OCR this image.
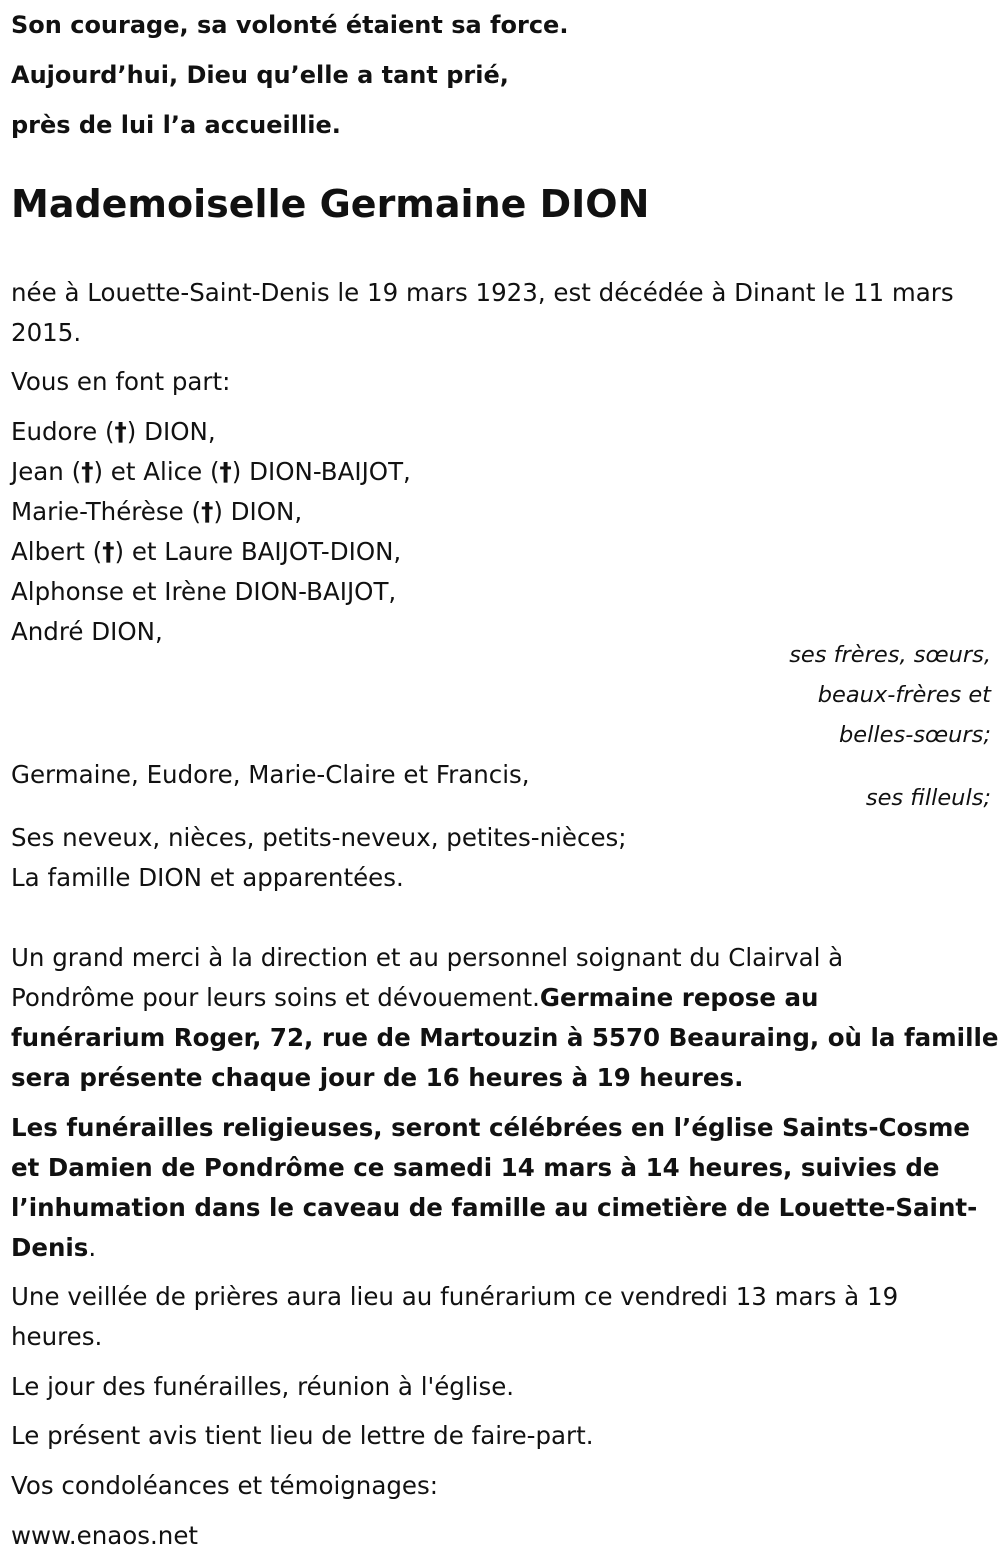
Son courage, sa volonté étaient sa force.

Aujourd’hui, Dieu qu’elle a tant prié,

près de lui l’a accueillie.

Mademoiselle Germaine DION

née à Louette-Saint-Denis le 19 mars 1923, est décédée à Dinant le 11 mars 2015.

Vous en font part:

Eudore (†) DION,

Jean (†) et Alice (†) DION-BAIJOT,

Marie-Thérèse (†) DION,

Albert (†) et Laure BAIJOT-DION,

Alphonse et Irène DION-BAIJOT,

André DION,

ses frères, sœurs,
beaux-frères et
belles-sœurs;

Germaine, Eudore, Marie-Claire et Francis,

ses filleuls;

Ses neveux, nièces, petits-neveux, petites-nièces;

La famille DION et apparentées.

Un grand merci à la direction et au personnel soignant du Clairval à

Pondrôme pour leurs soins et dévouement.Germaine repose au

funérarium Roger, 72, rue de Martouzin à 5570 Beauraing, où la famille

sera présente chaque jour de 16 heures à 19 heures.

Les funérailles religieuses, seront célébrées en l’église Saints-Cosme

et Damien de Pondrôme ce samedi 14 mars à 14 heures, suivies de

l’inhumation dans le caveau de famille au cimetière de Louette-Saint-

Denis.

Une veillée de prières aura lieu au funérarium ce vendredi 13 mars à 19 heures.

Le jour des funérailles, réunion à l'église.

Le présent avis tient lieu de lettre de faire-part.

Vos condoléances et témoignages:

www.enaos.net
